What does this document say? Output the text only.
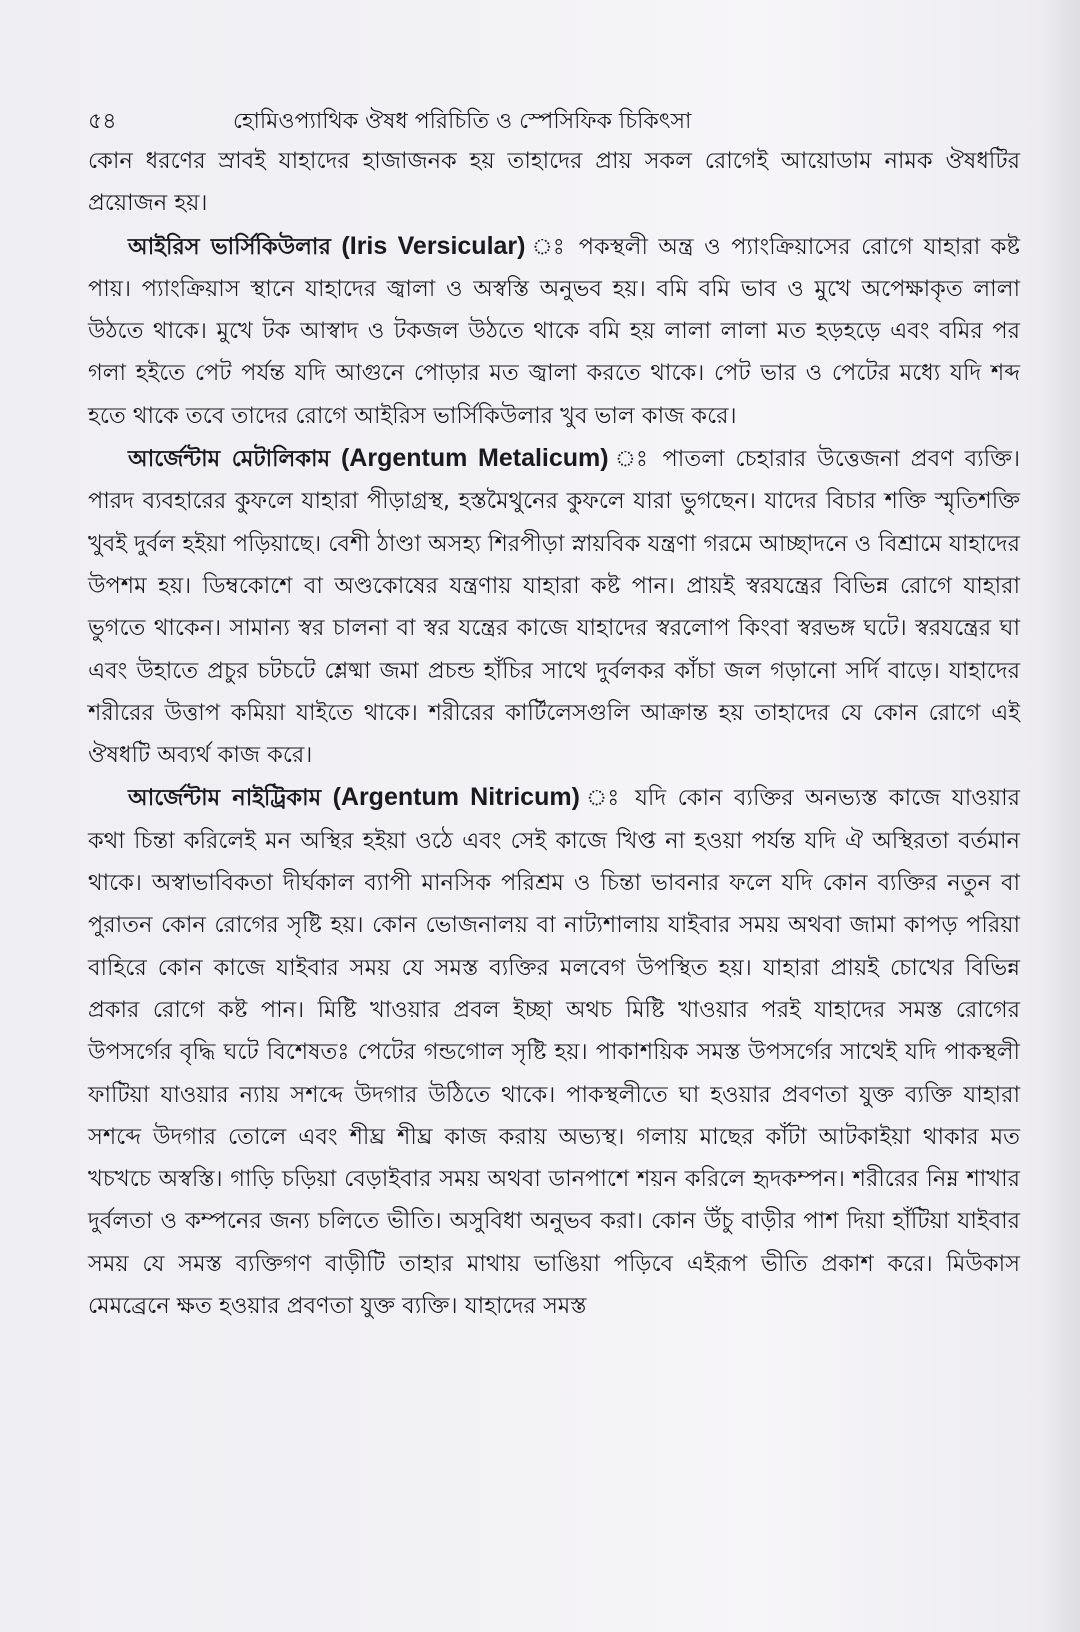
৫৪	হোমিওপ্যাথিক ঔষধ পরিচিতি ও স্পেসিফিক চিকিৎসা

কোন ধরণের স্রাবই যাহাদের হাজাজনক হয় তাহাদের প্রায় সকল রোগেই আয়োডাম নামক ঔষধটির প্রয়োজন হয়।

আইরিস ভার্সিকিউলার (Iris Versicular) ঃ পকস্থলী অন্ত্র ও প্যাংক্রিয়াসের রোগে যাহারা কষ্ট পায়। প্যাংক্রিয়াস স্থানে যাহাদের জ্বালা ও অস্বস্তি অনুভব হয়। বমি বমি ভাব ও মুখে অপেক্ষাকৃত লালা উঠতে থাকে। মুখে টক আস্বাদ ও টকজল উঠতে থাকে বমি হয় লালা লালা মত হড়হড়ে এবং বমির পর গলা হইতে পেট পর্যন্ত যদি আগুনে পোড়ার মত জ্বালা করতে থাকে। পেট ভার ও পেটের মধ্যে যদি শব্দ হতে থাকে তবে তাদের রোগে আইরিস ভার্সিকিউলার খুব ভাল কাজ করে।

আর্জেন্টাম মেটালিকাম (Argentum Metalicum) ঃ পাতলা চেহারার উত্তেজনা প্রবণ ব্যক্তি। পারদ ব্যবহারের কুফলে যাহারা পীড়াগ্রস্থ, হস্তমৈথুনের কুফলে যারা ভুগছেন। যাদের বিচার শক্তি স্মৃতিশক্তি খুবই দুর্বল হইয়া পড়িয়াছে। বেশী ঠাণ্ডা অসহ্য শিরপীড়া স্নায়বিক যন্ত্রণা গরমে আচ্ছাদনে ও বিশ্রামে যাহাদের উপশম হয়। ডিম্বকোশে বা অণ্ডকোষের যন্ত্রণায় যাহারা কষ্ট পান। প্রায়ই স্বরযন্ত্রের বিভিন্ন রোগে যাহারা ভুগতে থাকেন। সামান্য স্বর চালনা বা স্বর যন্ত্রের কাজে যাহাদের স্বরলোপ কিংবা স্বরভঙ্গ ঘটে। স্বরযন্ত্রের ঘা এবং উহাতে প্রচুর চটচটে শ্লেষ্মা জমা প্রচন্ড হাঁচির সাথে দুর্বলকর কাঁচা জল গড়ানো সর্দি বাড়ে। যাহাদের শরীরের উত্তাপ কমিয়া যাইতে থাকে। শরীরের কার্টিলেসগুলি আক্রান্ত হয় তাহাদের যে কোন রোগে এই ঔষধটি অব্যর্থ কাজ করে।

আর্জেন্টাম নাইট্রিকাম (Argentum Nitricum) ঃ যদি কোন ব্যক্তির অনভ্যস্ত কাজে যাওয়ার কথা চিন্তা করিলেই মন অস্থির হইয়া ওঠে এবং সেই কাজে খিপ্ত না হওয়া পর্যন্ত যদি ঐ অস্থিরতা বর্তমান থাকে। অস্বাভাবিকতা দীর্ঘকাল ব্যাপী মানসিক পরিশ্রম ও চিন্তা ভাবনার ফলে যদি কোন ব্যক্তির নতুন বা পুরাতন কোন রোগের সৃষ্টি হয়। কোন ভোজনালয় বা নাট্যশালায় যাইবার সময় অথবা জামা কাপড় পরিয়া বাহিরে কোন কাজে যাইবার সময় যে সমস্ত ব্যক্তির মলবেগ উপস্থিত হয়। যাহারা প্রায়ই চোখের বিভিন্ন প্রকার রোগে কষ্ট পান। মিষ্টি খাওয়ার প্রবল ইচ্ছা অথচ মিষ্টি খাওয়ার পরই যাহাদের সমস্ত রোগের উপসর্গের বৃদ্ধি ঘটে বিশেষতঃ পেটের গন্ডগোল সৃষ্টি হয়। পাকাশয়িক সমস্ত উপসর্গের সাথেই যদি পাকস্থলী ফাটিয়া যাওয়ার ন্যায় সশব্দে উদগার উঠিতে থাকে। পাকস্থলীতে ঘা হওয়ার প্রবণতা যুক্ত ব্যক্তি যাহারা সশব্দে উদগার তোলে এবং শীঘ্র শীঘ্র কাজ করায় অভ্যস্থ। গলায় মাছের কাঁটা আটকাইয়া থাকার মত খচখচে অস্বস্তি। গাড়ি চড়িয়া বেড়াইবার সময় অথবা ডানপাশে শয়ন করিলে হৃদকম্পন। শরীরের নিম্ন শাখার দুর্বলতা ও কম্পনের জন্য চলিতে ভীতি। অসুবিধা অনুভব করা। কোন উঁচু বাড়ীর পাশ দিয়া হাঁটিয়া যাইবার সময় যে সমস্ত ব্যক্তিগণ বাড়ীটি তাহার মাথায় ভাঙিয়া পড়িবে এইরূপ ভীতি প্রকাশ করে। মিউকাস মেমব্রেনে ক্ষত হওয়ার প্রবণতা যুক্ত ব্যক্তি। যাহাদের সমস্ত
